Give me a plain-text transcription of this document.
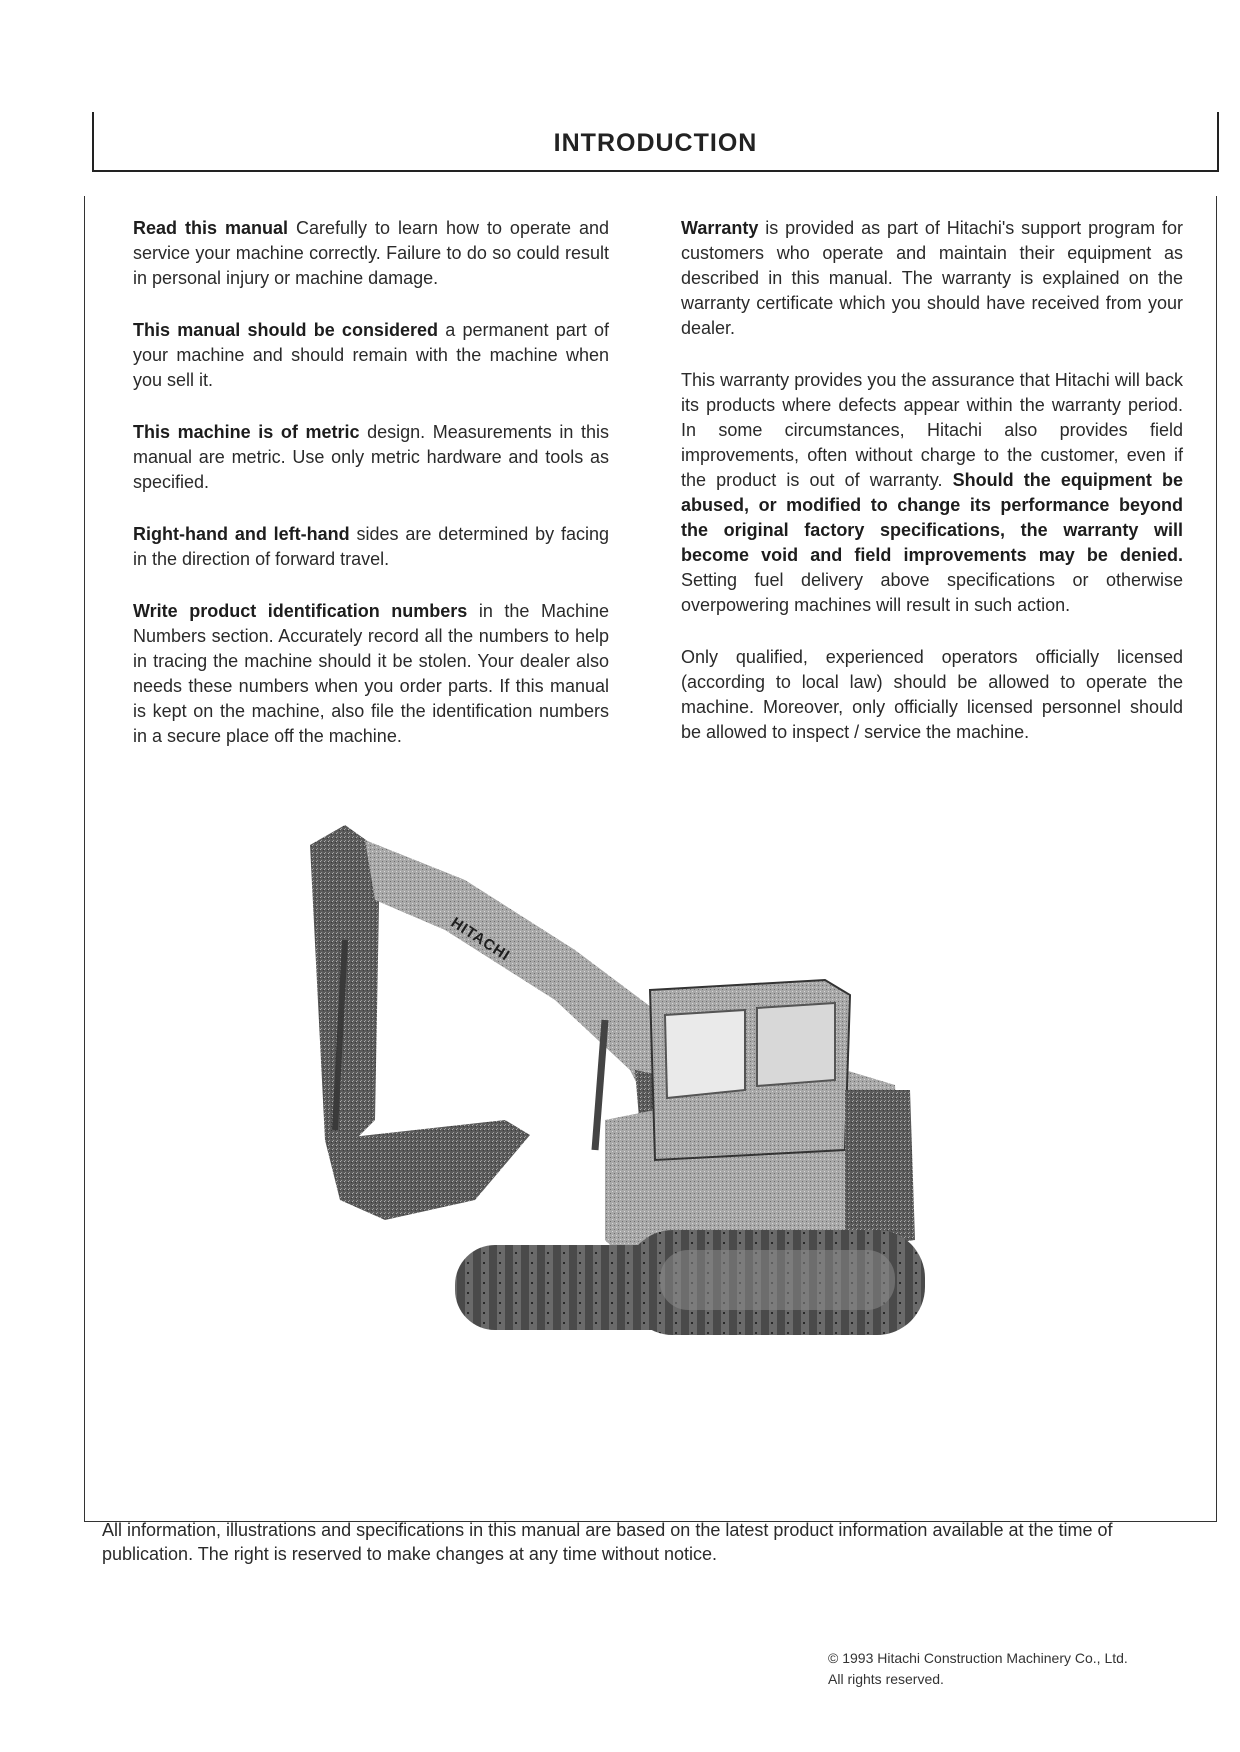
INTRODUCTION

Read this manual Carefully to learn how to operate and service your machine correctly. Failure to do so could result in personal injury or machine damage.

This manual should be considered a permanent part of your machine and should remain with the machine when you sell it.

This machine is of metric design. Measurements in this manual are metric. Use only metric hardware and tools as specified.

Right-hand and left-hand sides are determined by facing in the direction of forward travel.

Write product identification numbers in the Machine Numbers section. Accurately record all the numbers to help in tracing the machine should it be stolen. Your dealer also needs these numbers when you order parts. If this manual is kept on the machine, also file the identification numbers in a secure place off the machine.

Warranty is provided as part of Hitachi's support program for customers who operate and maintain their equipment as described in this manual. The warranty is explained on the warranty certificate which you should have received from your dealer.

This warranty provides you the assurance that Hitachi will back its products where defects appear within the warranty period. In some circumstances, Hitachi also provides field improvements, often without charge to the customer, even if the product is out of warranty. Should the equipment be abused, or modified to change its performance beyond the original factory specifications, the warranty will become void and field improvements may be denied. Setting fuel delivery above specifications or otherwise overpowering machines will result in such action.

Only qualified, experienced operators officially licensed (according to local law) should be allowed to operate the machine. Moreover, only officially licensed personnel should be allowed to inspect / service the machine.

HITACHI
All information, illustrations and specifications in this manual are based on the latest product information available at the time of publication. The right is reserved to make changes at any time without notice.
© 1993 Hitachi Construction Machinery Co., Ltd.
All rights reserved.
